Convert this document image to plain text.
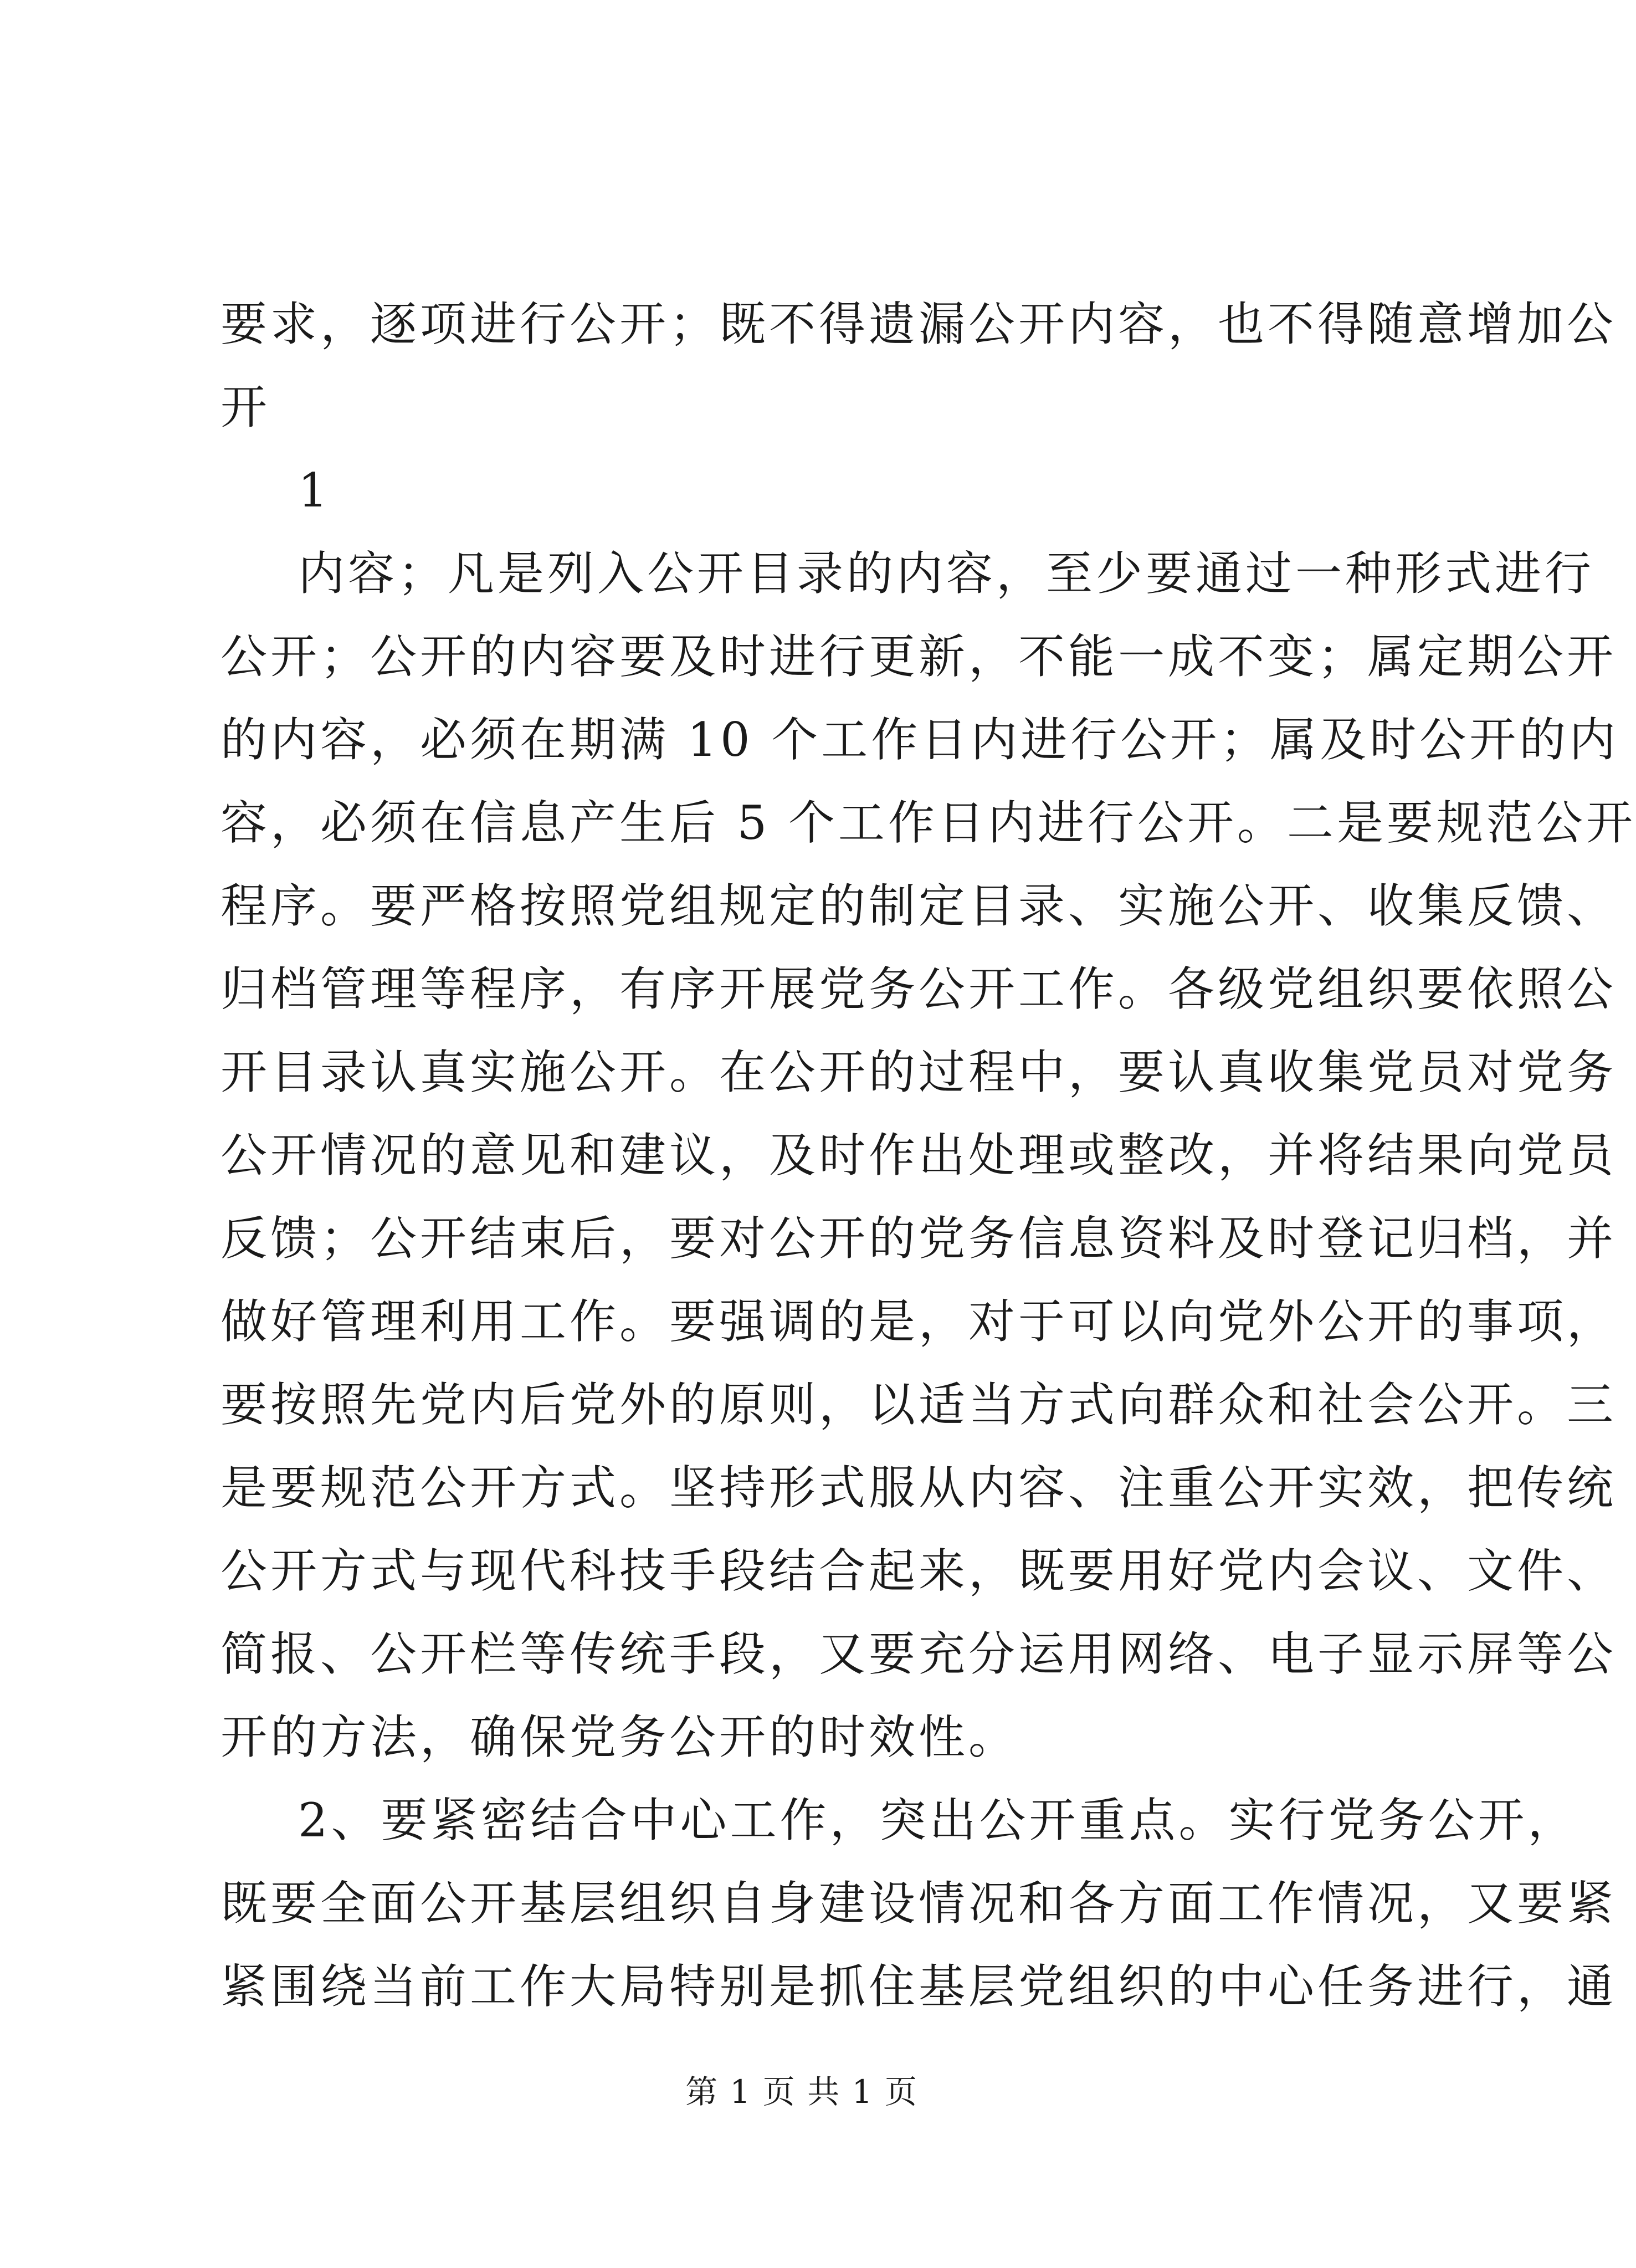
要求，逐项进行公开；既不得遗漏公开内容，也不得随意增加公
开
1
内容；凡是列入公开目录的内容，至少要通过一种形式进行
公开；公开的内容要及时进行更新，不能一成不变；属定期公开
的内容，必须在期满 10 个工作日内进行公开；属及时公开的内
容，必须在信息产生后 5 个工作日内进行公开。二是要规范公开
程序。要严格按照党组规定的制定目录、实施公开、收集反馈、
归档管理等程序，有序开展党务公开工作。各级党组织要依照公
开目录认真实施公开。在公开的过程中，要认真收集党员对党务
公开情况的意见和建议，及时作出处理或整改，并将结果向党员
反馈；公开结束后，要对公开的党务信息资料及时登记归档，并
做好管理利用工作。要强调的是，对于可以向党外公开的事项，
要按照先党内后党外的原则，以适当方式向群众和社会公开。三
是要规范公开方式。坚持形式服从内容、注重公开实效，把传统
公开方式与现代科技手段结合起来，既要用好党内会议、文件、
简报、公开栏等传统手段，又要充分运用网络、电子显示屏等公
开的方法，确保党务公开的时效性。
2、要紧密结合中心工作，突出公开重点。实行党务公开，
既要全面公开基层组织自身建设情况和各方面工作情况，又要紧
紧围绕当前工作大局特别是抓住基层党组织的中心任务进行，通
第 1 页 共 1 页
